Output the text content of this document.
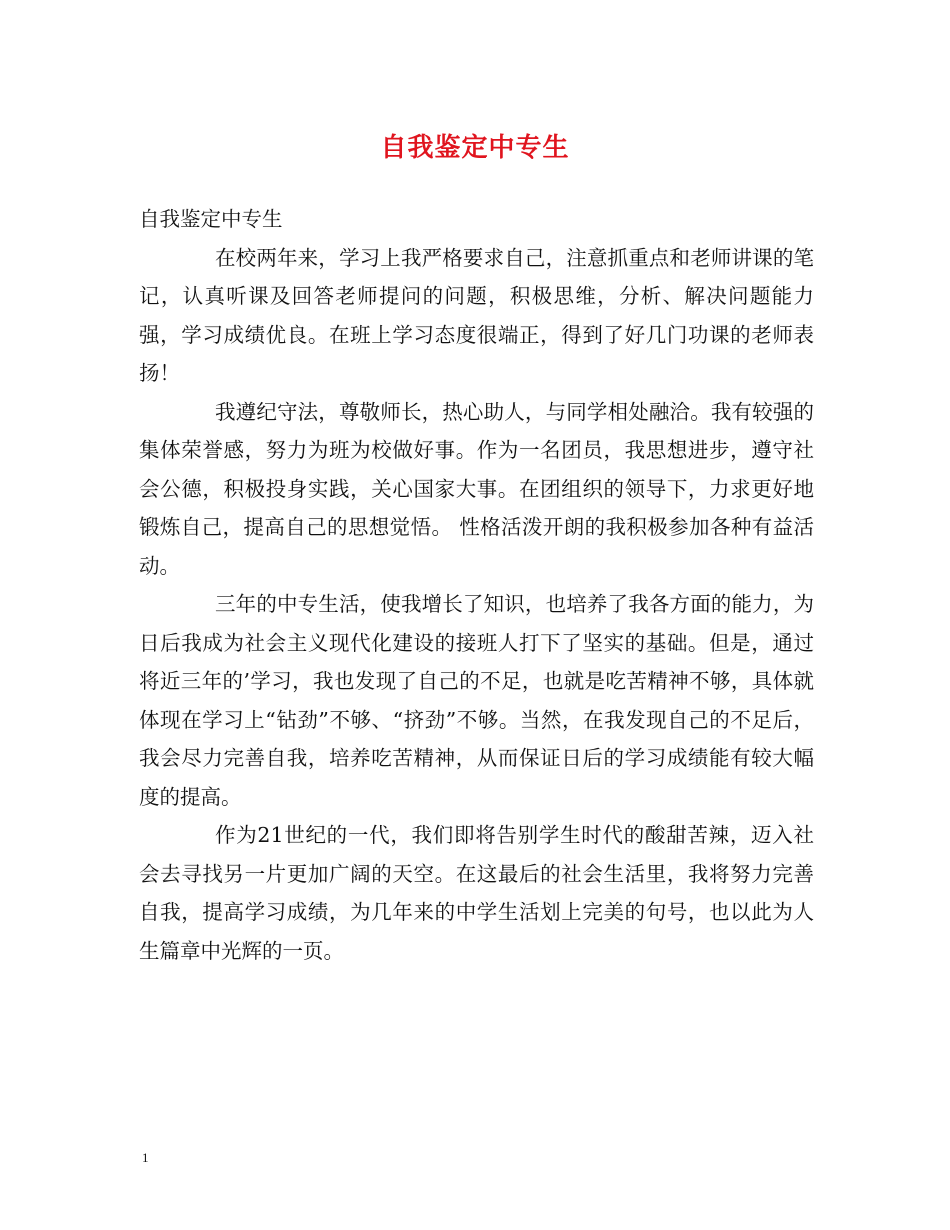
自我鉴定中专生

自我鉴定中专生

在校两年来，学习上我严格要求自己，注意抓重点和老师讲课的笔记，认真听课及回答老师提问的问题，积极思维，分析、解决问题能力强，学习成绩优良。在班上学习态度很端正，得到了好几门功课的老师表扬！

我遵纪守法，尊敬师长，热心助人，与同学相处融洽。我有较强的集体荣誉感，努力为班为校做好事。作为一名团员，我思想进步，遵守社会公德，积极投身实践，关心国家大事。在团组织的领导下，力求更好地锻炼自己，提高自己的思想觉悟。 性格活泼开朗的我积极参加各种有益活动。

三年的中专生活，使我增长了知识，也培养了我各方面的能力，为日后我成为社会主义现代化建设的接班人打下了坚实的基础。但是，通过将近三年的’学习，我也发现了自己的不足，也就是吃苦精神不够，具体就体现在学习上“钻劲”不够、“挤劲”不够。当然，在我发现自己的不足后，我会尽力完善自我，培养吃苦精神，从而保证日后的学习成绩能有较大幅度的提高。

作为21世纪的一代，我们即将告别学生时代的酸甜苦辣，迈入社会去寻找另一片更加广阔的天空。在这最后的社会生活里，我将努力完善自我，提高学习成绩，为几年来的中学生活划上完美的句号，也以此为人生篇章中光辉的一页。

1
